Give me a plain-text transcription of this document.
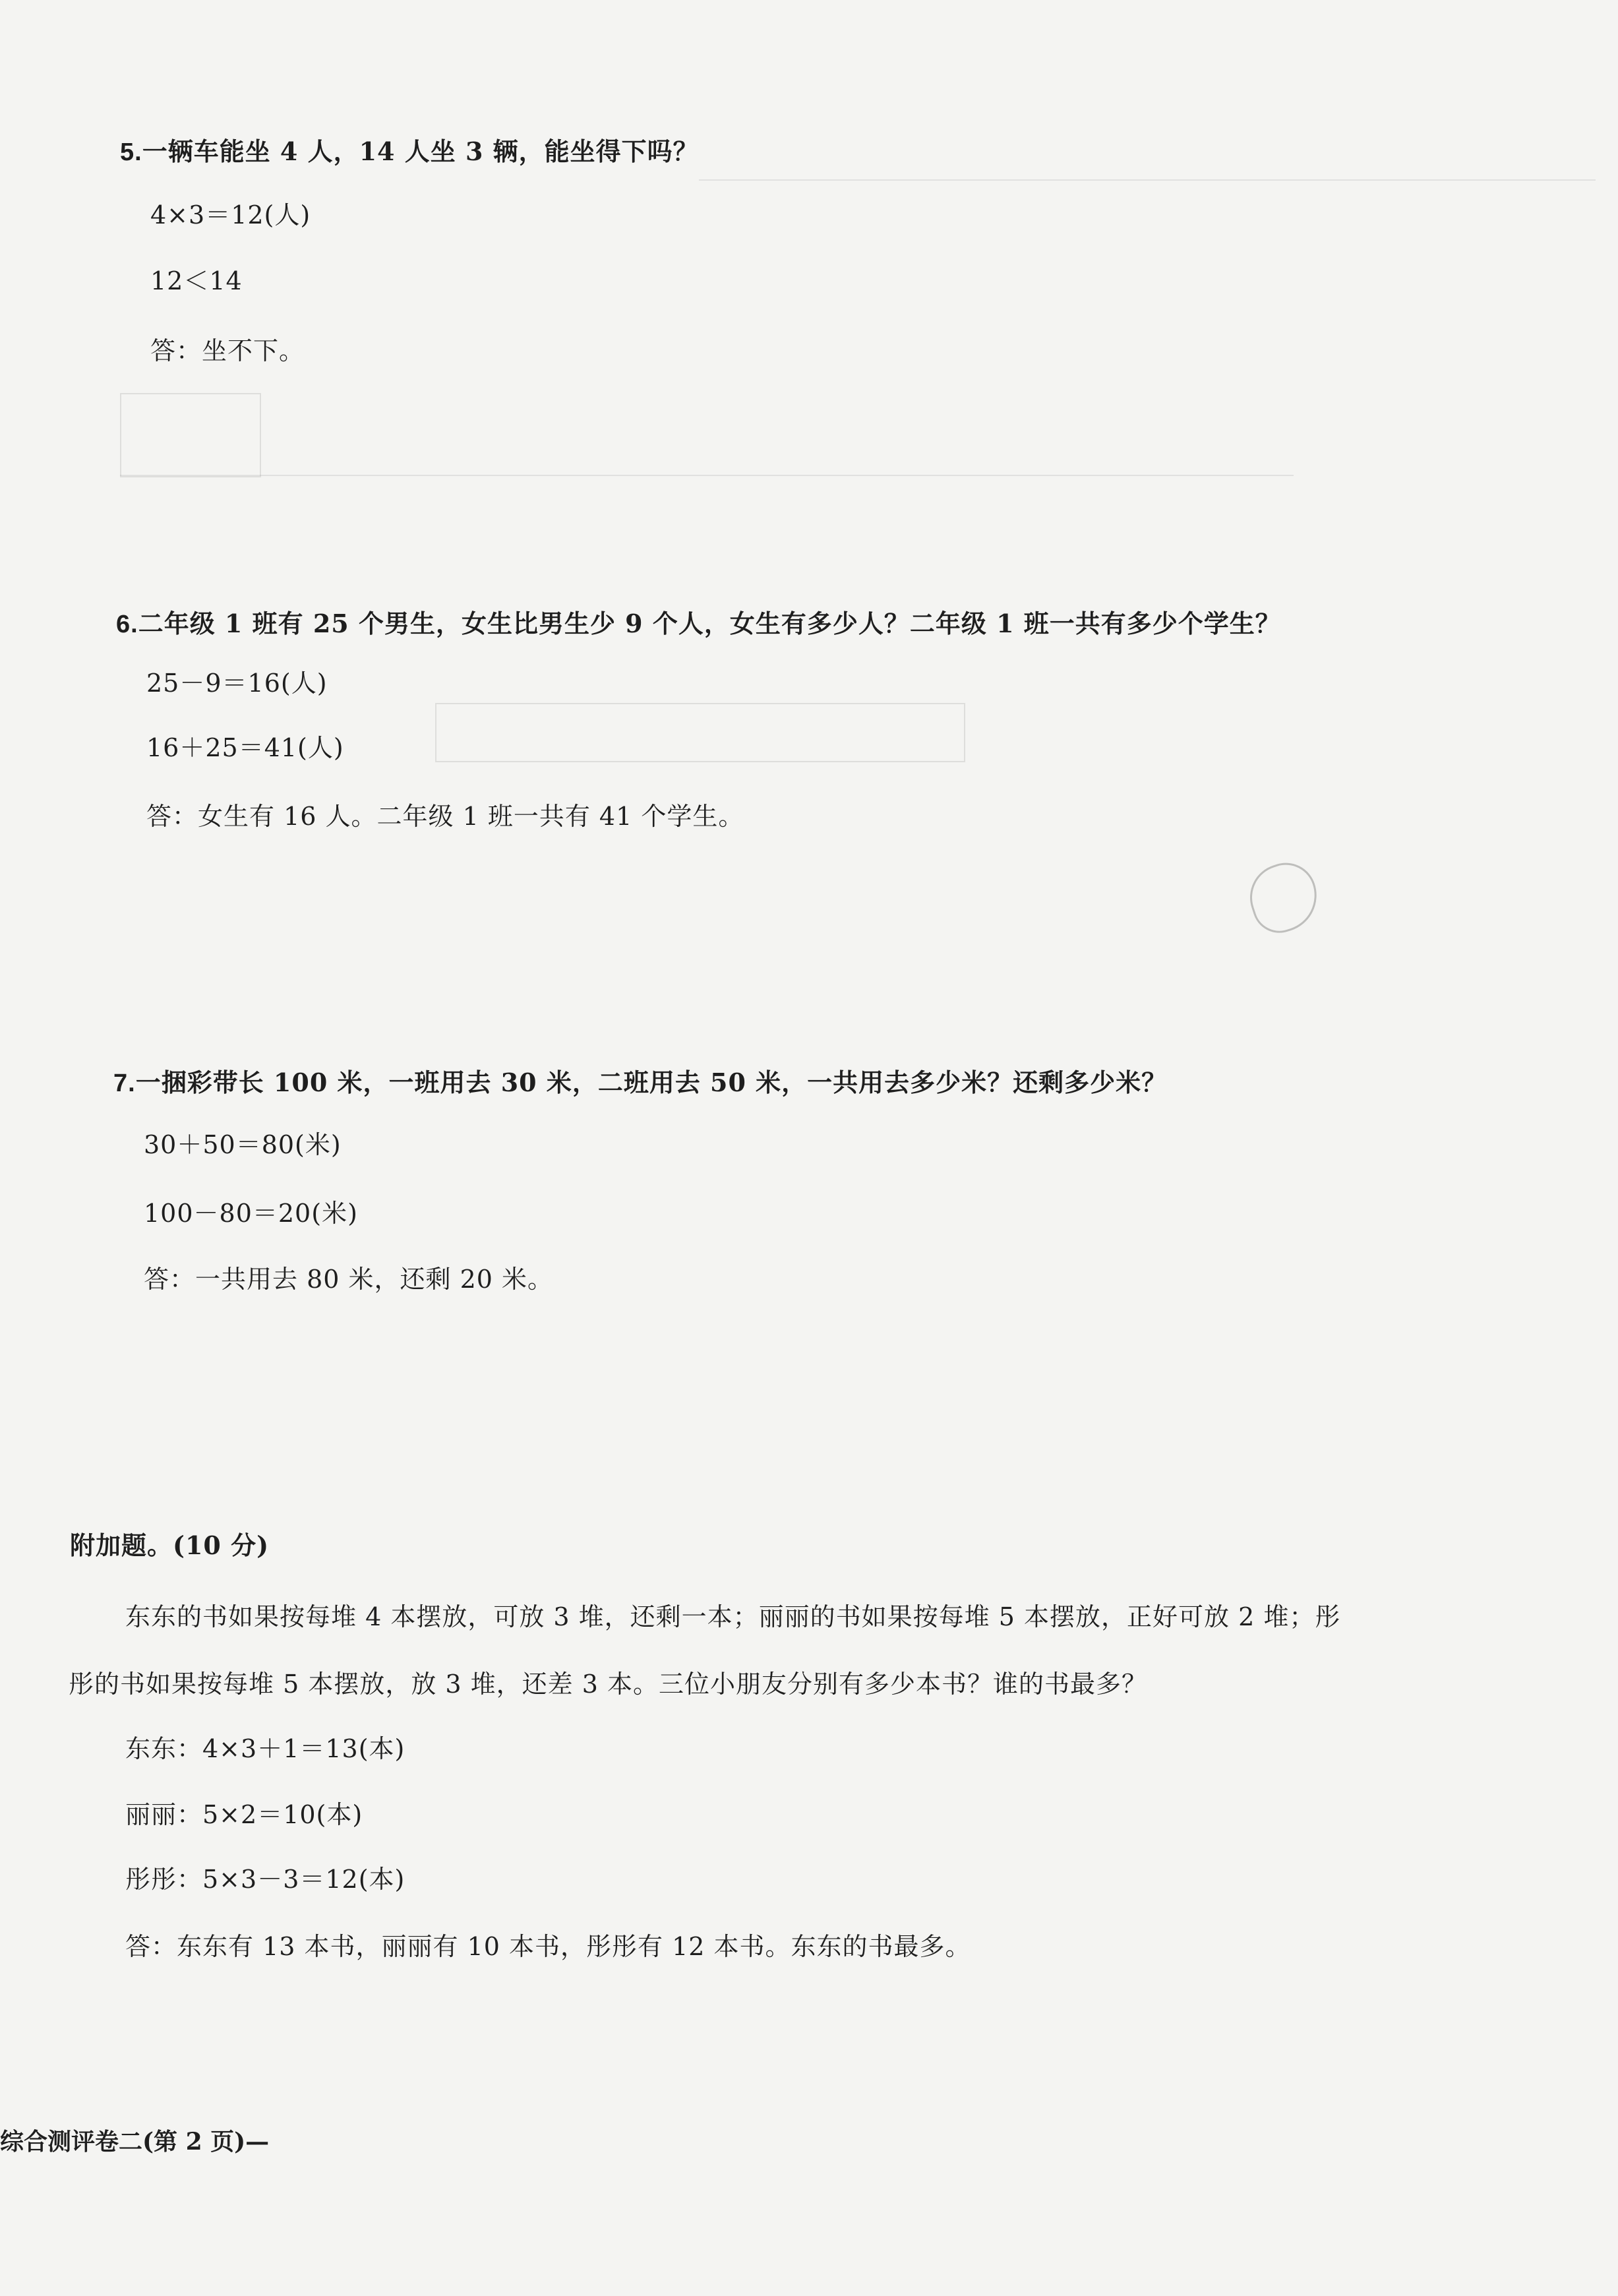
5.一辆车能坐 4 人，14 人坐 3 辆，能坐得下吗？
4×3＝12(人)
12＜14
答：坐不下。
6.二年级 1 班有 25 个男生，女生比男生少 9 个人，女生有多少人？二年级 1 班一共有多少个学生？
25－9＝16(人)
16＋25＝41(人)
答：女生有 16 人。二年级 1 班一共有 41 个学生。
7.一捆彩带长 100 米，一班用去 30 米，二班用去 50 米，一共用去多少米？还剩多少米？
30＋50＝80(米)
100－80＝20(米)
答：一共用去 80 米，还剩 20 米。
附加题。(10 分)
东东的书如果按每堆 4 本摆放，可放 3 堆，还剩一本；丽丽的书如果按每堆 5 本摆放，正好可放 2 堆；彤
彤的书如果按每堆 5 本摆放，放 3 堆，还差 3 本。三位小朋友分别有多少本书？谁的书最多？
东东：4×3＋1＝13(本)
丽丽：5×2＝10(本)
彤彤：5×3－3＝12(本)
答：东东有 13 本书，丽丽有 10 本书，彤彤有 12 本书。东东的书最多。
综合测评卷二(第 2 页)—
